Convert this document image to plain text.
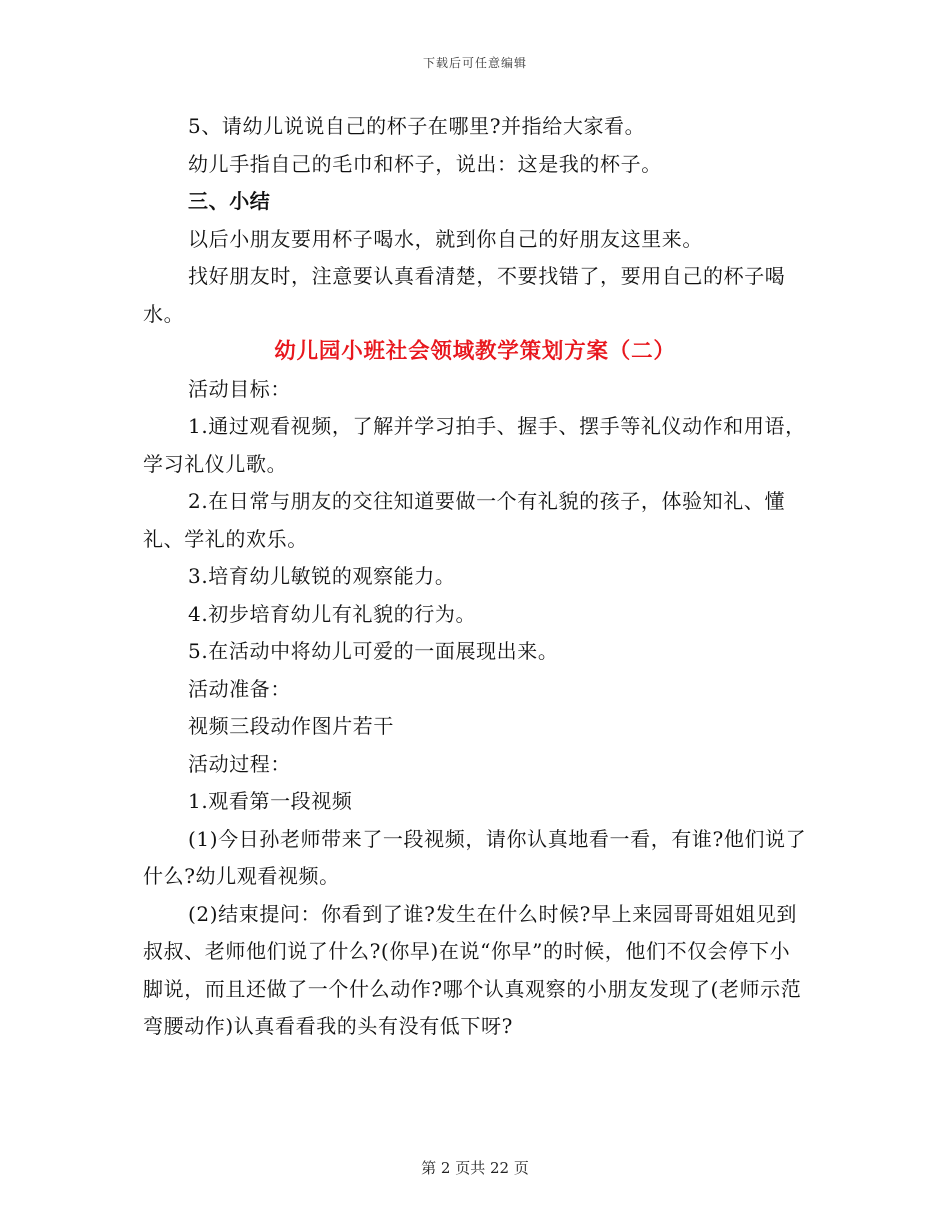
下载后可任意编辑

5、请幼儿说说自己的杯子在哪里?并指给大家看。

幼儿手指自己的毛巾和杯子，说出：这是我的杯子。

三、小结

以后小朋友要用杯子喝水，就到你自己的好朋友这里来。

找好朋友时，注意要认真看清楚，不要找错了，要用自己的杯子喝水。

幼儿园小班社会领域教学策划方案（二）

活动目标：

1.通过观看视频，了解并学习拍手、握手、摆手等礼仪动作和用语，学习礼仪儿歌。

2.在日常与朋友的交往知道要做一个有礼貌的孩子，体验知礼、懂礼、学礼的欢乐。

3.培育幼儿敏锐的观察能力。

4.初步培育幼儿有礼貌的行为。

5.在活动中将幼儿可爱的一面展现出来。

活动准备：

视频三段动作图片若干

活动过程：

1.观看第一段视频

(1)今日孙老师带来了一段视频，请你认真地看一看，有谁?他们说了什么?幼儿观看视频。

(2)结束提问：你看到了谁?发生在什么时候?早上来园哥哥姐姐见到叔叔、老师他们说了什么?(你早)在说“你早”的时候，他们不仅会停下小脚说，而且还做了一个什么动作?哪个认真观察的小朋友发现了(老师示范弯腰动作)认真看看我的头有没有低下呀?

第 2 页共 22 页
